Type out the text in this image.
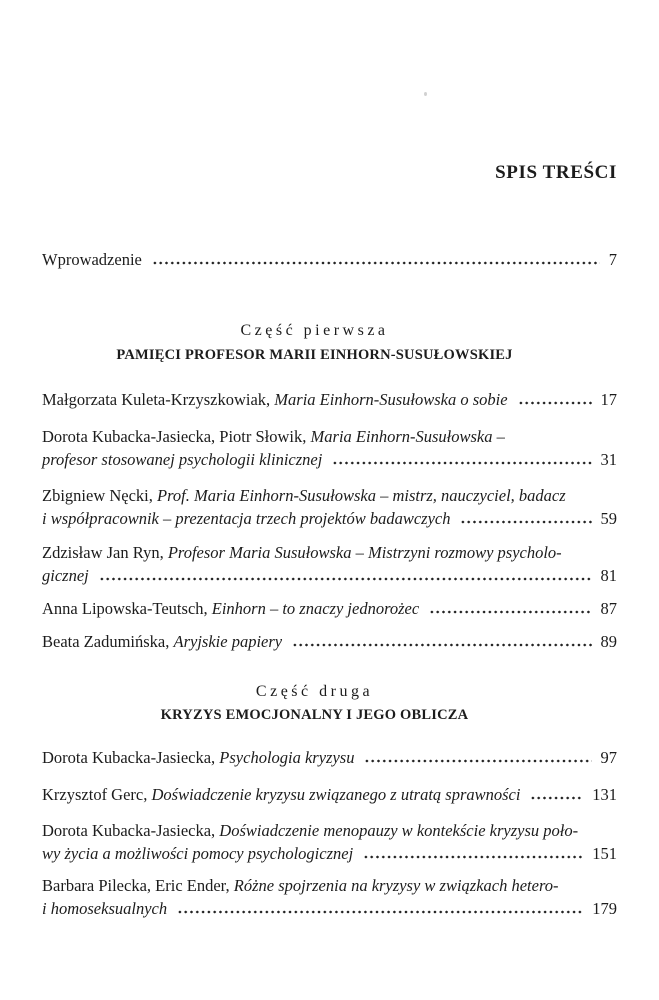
SPIS TREŚCI
Wprowadzenie	7
Część pierwsza
PAMIĘCI PROFESOR MARII EINHORN-SUSUŁOWSKIEJ
Małgorzata Kuleta-Krzyszkowiak, Maria Einhorn-Susułowska o sobie	17
Dorota Kubacka-Jasiecka, Piotr Słowik, Maria Einhorn-Susułowska –
profesor stosowanej psychologii klinicznej	31
Zbigniew Nęcki, Prof. Maria Einhorn-Susułowska – mistrz, nauczyciel, badacz
i współpracownik – prezentacja trzech projektów badawczych	59
Zdzisław Jan Ryn, Profesor Maria Susułowska – Mistrzyni rozmowy psycholo-
gicznej	81
Anna Lipowska-Teutsch, Einhorn – to znaczy jednorożec	87
Beata Zadumińska, Aryjskie papiery	89
Część druga
KRYZYS EMOCJONALNY I JEGO OBLICZA
Dorota Kubacka-Jasiecka, Psychologia kryzysu	97
Krzysztof Gerc, Doświadczenie kryzysu związanego z utratą sprawności	131
Dorota Kubacka-Jasiecka, Doświadczenie menopauzy w kontekście kryzysu poło-
wy życia a możliwości pomocy psychologicznej	151
Barbara Pilecka, Eric Ender, Różne spojrzenia na kryzysy w związkach hetero-
i homoseksualnych	179
